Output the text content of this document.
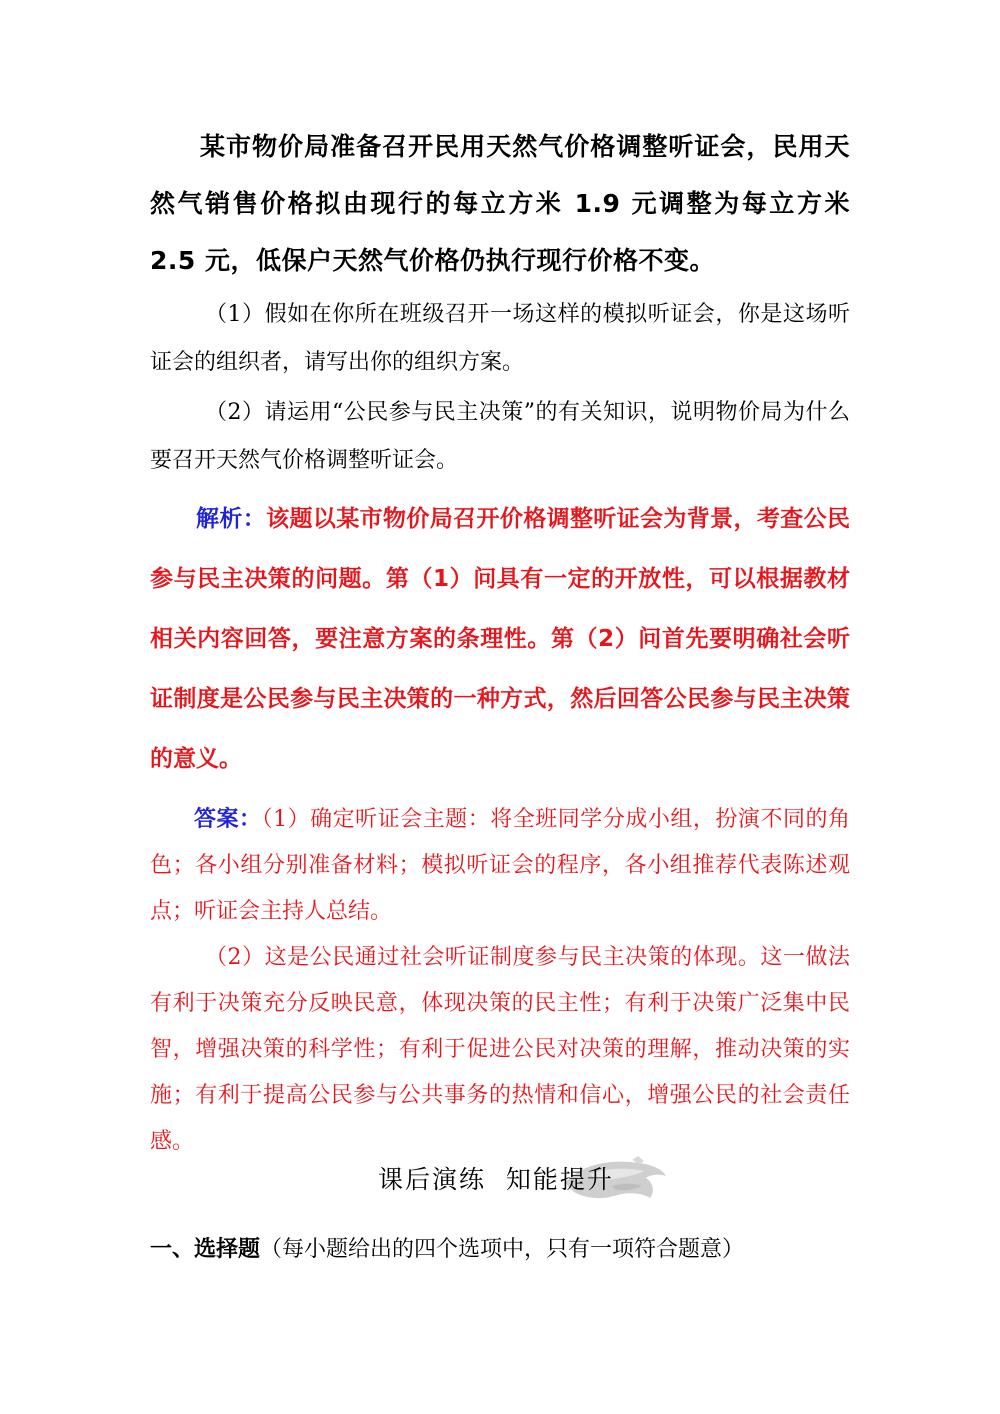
某市物价局准备召开民用天然气价格调整听证会，民用天然气销售价格拟由现行的每立方米 1.9 元调整为每立方米 2.5 元，低保户天然气价格仍执行现行价格不变。

（1）假如在你所在班级召开一场这样的模拟听证会，你是这场听证会的组织者，请写出你的组织方案。

（2）请运用“公民参与民主决策”的有关知识，说明物价局为什么要召开天然气价格调整听证会。

解析：该题以某市物价局召开价格调整听证会为背景，考查公民参与民主决策的问题。第（1）问具有一定的开放性，可以根据教材相关内容回答，要注意方案的条理性。第（2）问首先要明确社会听证制度是公民参与民主决策的一种方式，然后回答公民参与民主决策的意义。

答案：（1）确定听证会主题：将全班同学分成小组，扮演不同的角色；各小组分别准备材料；模拟听证会的程序，各小组推荐代表陈述观点；听证会主持人总结。

（2）这是公民通过社会听证制度参与民主决策的体现。这一做法有利于决策充分反映民意，体现决策的民主性；有利于决策广泛集中民智，增强决策的科学性；有利于促进公民对决策的理解，推动决策的实施；有利于提高公民参与公共事务的热情和信心，增强公民的社会责任感。

课后演练  知能提升
一、选择题（每小题给出的四个选项中，只有一项符合题意）
